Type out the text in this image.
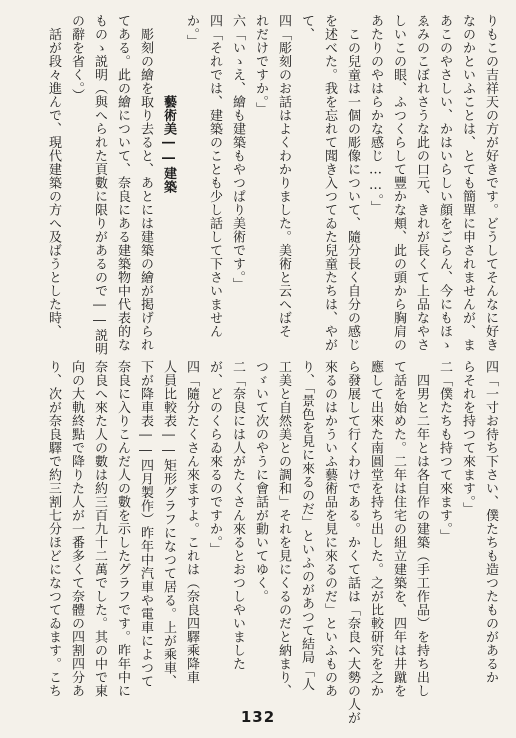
りもこの吉祥天の方が好きです。どうしてそんなに好き
なのかといふことは、とても簡單に申されませんが、ま
あこのやさしい、かはいらしい顔をごらん、今にもほゝ
ゑみのこぼれさうな此の口元、きれが長くて上品なやさ
しいこの眼、ふつくらして豐かな頬、此の頭から胸肩の
あたりのやはらかな感じ……。」
　この兒童は一個の彫像について、隨分長く自分の感じ
を述べた。我を忘れて聞き入つてゐた兒童たちは、やが
て、
四「彫刻のお話はよくわかりました。美術と云へばそ
れだけですか。」
六「いゝえ、繪も建築もやつぱり美術です。」
四「それでは、建築のことも少し話して下さいません
か。」
　　　　　　藝術美――建築
　彫刻の繪を取り去ると、あとには建築の繪が掲げられ
てある。此の繪について、奈良にある建築物中代表的な
ものゝ説明（與へられた頁數に限りがあるので――説明
の辭を省く。）
　話が段々進んで、現代建築の方へ及ばうとした時、
四「一寸お待ち下さい、僕たちも造つたものがあるか
らそれを持つて來ます。」
二「僕たちも持つて來ます。」
　四男と二年とは各自作の建築（手工作品）を持ち出し
て話を始めた。二年は住宅の組立建築を、四年は井蹴を
應して出來た南圓堂を持ち出した。之が比較研究を之か
ら發展して行くわけである。かくて話は「奈良へ大勢の人が
來るのはかういふ藝術品を見に來るのだ」といふものあ
り、「景色を見に來るのだ」といふのがあつて結局「人
工美と自然美との調和」それを見にくるのだと納まり、
つゞいて次のやうに會話が動いてゆく。
二「奈良には人がたくさん來るとおつしやいました
が、どのくらゐ來るのですか。」
四「隨分たくさん來ますよ。これは（奈良四驛乘降車
人員比較表――矩形グラフになつて居る。上が乘車、
下が降車表――四月製作）昨年中汽車や電車によつて
奈良に入りこんだ人の數を示したグラフです。昨年中に
奈良へ來た人の數は約三百九十二萬でした。其の中で東
向の大軌終點で降りた人が一番多くて奈體の四割四分あ
り、次が奈良驛で約三割七分ほどになつてゐます。こち
132
